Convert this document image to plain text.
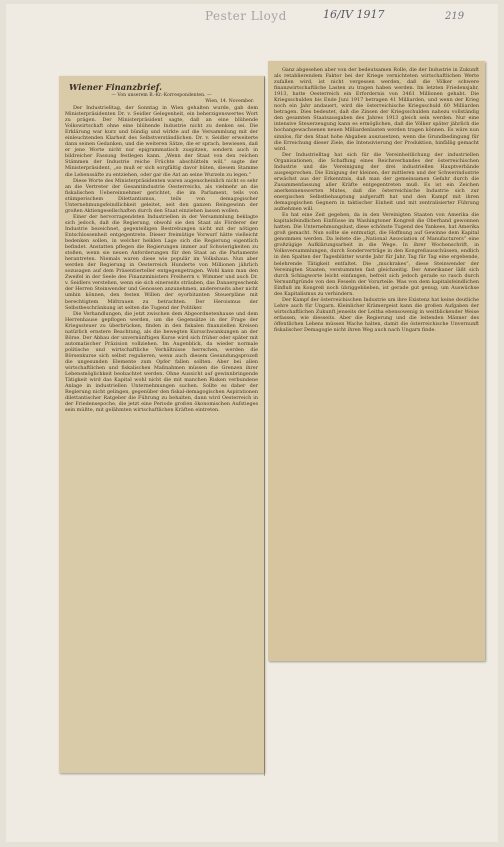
Pester Lloyd	16/IV 1917	219
Wiener Finanzbrief.
— Von unserem B.-Kr.-Korrespondenten. —
Wien, 14. November.

Der Industrielltag, der Sonntag in Wien gehalten wurde, gab dem Ministerpräsidenten Dr. v. Seidler Gelegenheit, ein beherzigenswertes Wort zu prägen. Der Ministerpräsident sagte, daß an eine blühende Volkswirtschaft ohne eine blühende Industrie nicht zu denken sei. Die Erklärung war kurz und bündig und wirkte auf die Versammlung mit der einleuchtenden Klarheit des Selbstverständlichen. Dr. v. Seidler erweiterte dann seinen Gedanken, und die weiteren Sätze, die er sprach, bewiesen, daß er jene Worte nicht nur epigrammatisch zuspitzen, sondern auch in bildreicher Fassung festlegen kann. „Wenn der Staat von den reichen Stämmen der Industrie reiche Früchte abschütteln will,“ sagte der Ministerpräsident, „so muß er sich sorgfältig davor hüten, diesem Stamme die Lebenssäfte zu entziehen, oder gar die Axt an seine Wurzeln zu legen.“

Diese Worte des Ministerpräsidenten waren augenscheinlich nicht so sehr an die Vertreter der Gesamtindustrie Oesterreichs, als vielmehr an die fiskalischen Uebereinnehmer gerichtet, die im Parlament, teils von stümperischem Dilettantismus, teils von demagogischer Unternehmungsfeindlichkeit geleitet, seit den ganzen Reingewinn der großen Aktiengesellschaften durch den Staat einziehen lassen wollen.

Einer der hervorragendsten Industriellen in der Versammlung beklagte sich jedoch, daß die Regierung, obwohl sie den Staat als Förderer der Industrie bezeichnet, gegenteiligen Bestrebungen nicht mit der nötigen Entschlossenheit entgegentrete. Dieser freimütige Vorwurf hätte vielleicht bedenken sollen, in welcher heiklen Lage sich die Regierung eigentlich befindet. Anstatten pflegen die Regierungen immer auf Schwierigkeiten zu stoßen, wenn sie neuen Anforderungen für den Staat an die Parlamente herantreten. Niemals waren diese wie populär im Volkshaus. Nun aber werden der Regierung in Oesterreich Hunderte von Millionen jährlich sozusagen auf dem Präsentierteller entgegengetragen. Wohl kann man den Zweifel in der Seele des Finanzministers Freiherrn v. Wimmer und auch Dr. v. Seidlers verstehen, wenn sie sich einerseits sträuben, das Danaergeschenk der Herren Steinwender und Genossen anzunehmen, andererseits aber nicht umhin können, den festen Willen der eyorbitanten Steuerpläne mit berechtigtem Mißtrauen zu betrachten. Der Heroismus der Selbstbeschränkung ist selten die Tugend der Politiker.

Die Verhandlungen, die jetzt zwischen dem Abgeordnetenhause und dem Herrenhause gepflogen werden, um die Gegensätze in der Frage der Kriegssteuer zu überbrücken, finden in den fiskalen finanziellen Kreisen natürlich ernstere Beachtung, als die bewegten Kursschwankungen an der Börse. Der Abbau der unvernünftigen Kurse wird sich früher oder später mit automatischer Präzision vollziehen. Im Augenblick, da wieder normale politische und wirtschaftliche Verhältnisse herrschen, werden die Börsenkurse sich selbst regulieren, wenn auch diesem Gesundungsprozeß die ungesunden Elemente zum Opfer fallen sollten. Aber bei allen wirtschaftlichen und fiskalischen Maßnahmen müssen die Grenzen ihrer Lebensmöglichkeit beobachtet werden. Ohne Aussicht auf gewinnbringende Tätigkeit wird das Kapital wohl nicht die mit manchen Risken verbundene Anlage in industriellen Unternehmungen suchen. Sollte es daher der Regierung nicht gelingen, gegenüber den fiskal-demagogischen Aspirationen dilettantischer Ratgeber die Führung zu behalten, dann wird Oesterreich in der Friedensepoche, die jetzt eine Periode großen ökonomischen Aufstieges sein müßte, mit gelähmten wirtschaftlichen Kräften eintreten.

Ganz abgesehen aber von der bedeutsamen Rolle, die der Industrie in Zukunft als retablierendem Faktor bei der Kriege vernichteten wirtschaftlichen Werte zufallen wird, ist nicht vergessen werden, daß die Völker schwere finanzwirtschaftliche Lasten zu tragen haben werden. Im letzten Friedensjahr, 1913, hatte Oesterreich ein Erfordernis von 3461 Millionen gehabt. Die Kriegsschulden bis Ende Juni 1917 betragen 41 Milliarden, und wenn der Krieg noch ein Jahr andauert, wird die österreichische Kriegsschuld 60 Milliarden betragen. Dies bedeutet, daß die Zinsen der Kriegsschulden nahezu vollständig den gesamten Staatsausgaben des Jahres 1913 gleich sein werden. Nur eine intensive Steuerzeugung kann es ermöglichen, daß die Völker später jährlich die hochangewachsenen neuen Milliardenlasten werden tragen können. Es wäre nun sinnlos, für den Staat hohe Abgaben auszusetzen, wenn die Grundbedingung für die Erreichung dieser Ziele, die Intensivierung der Produktion, hinfällig gemacht wird.

Der Industrielltag hat sich für die Vereinheitlichung der industriellen Organisationen, die Schaffung eines Reichsverbandes der österreichischen Industrie und die Vereinigung der drei industriellen Hauptverbände ausgesprochen. Die Einigung der kleinen, der mittleren und der Schwerindustrie erwächst aus der Erkenntnis, daß man der gemeinsamen Gefahr durch die Zusammenfassung aller Kräfte entgegentreten muß. Es ist ein Zeichen anerkennenswerten Mutes, daß die österreichische Industrie sich zur energischen Selbstbehauptung aufgerafft hat und den Kampf mit ihren demagogischen Gegnern in taktischer Einheit und mit zentralisierter Führung aufnehmen will.

Es hat eine Zeit gegeben, da in den Vereinigten Staaten von Amerika die kapitalsfeindlichen Einflüsse im Washingtoner Kongreß die Oberhand gewonnen hatten. Die Unternehmungslust, diese schönste Tugend des Yankees, hat Amerika groß gemacht. Nun sollte sie entmutigt, die Hoffnung auf Gewinne dem Kapital genommen werden. Da leitete die „National Association of Manufacturers“ eine großzügige Aufklärungsarbeit in die Wege. In ihrer Wochenschrift, in Volksversammlungen, durch Sonderverträge in den Kongreßausschüssen, endlich in den Spalten der Tagesblätter wurde Jahr für Jahr, Tag für Tag eine ergebende, belehrende Tätigkeit entfaltet. Die „muckrakes“, diese Steinwender der Vereinigten Staaten, verstummten fast gleichzeitig. Der Amerikaner läßt sich durch Schlagworte leicht einfangen, befreit sich jedoch gerade so rasch durch Vernunftgründe von den Fesseln der Vorurteile. Was von dem kapitalsfeindlichen Einfluß im Kongreß noch übriggeblieben, ist gerade gut genug, um Auswüchse des Kapitalismus zu verhindern.

Der Kampf der österreichischen Industrie um ihre Existenz hat keine deutliche Lehre auch für Ungarn. Kleinlicher Krämergeist kann die großen Aufgaben der wirtschaftlichen Zukunft jenseits der Leitha ebensowenig in weitblickender Weise erfassen, wie diesseits. Aber die Regierung und die leitenden Männer des öffentlichen Lebens müssen Wache halten, damit die österreichische Unvernunft fiskalischer Demagogie nicht ihren Weg auch nach Ungarn finde.
